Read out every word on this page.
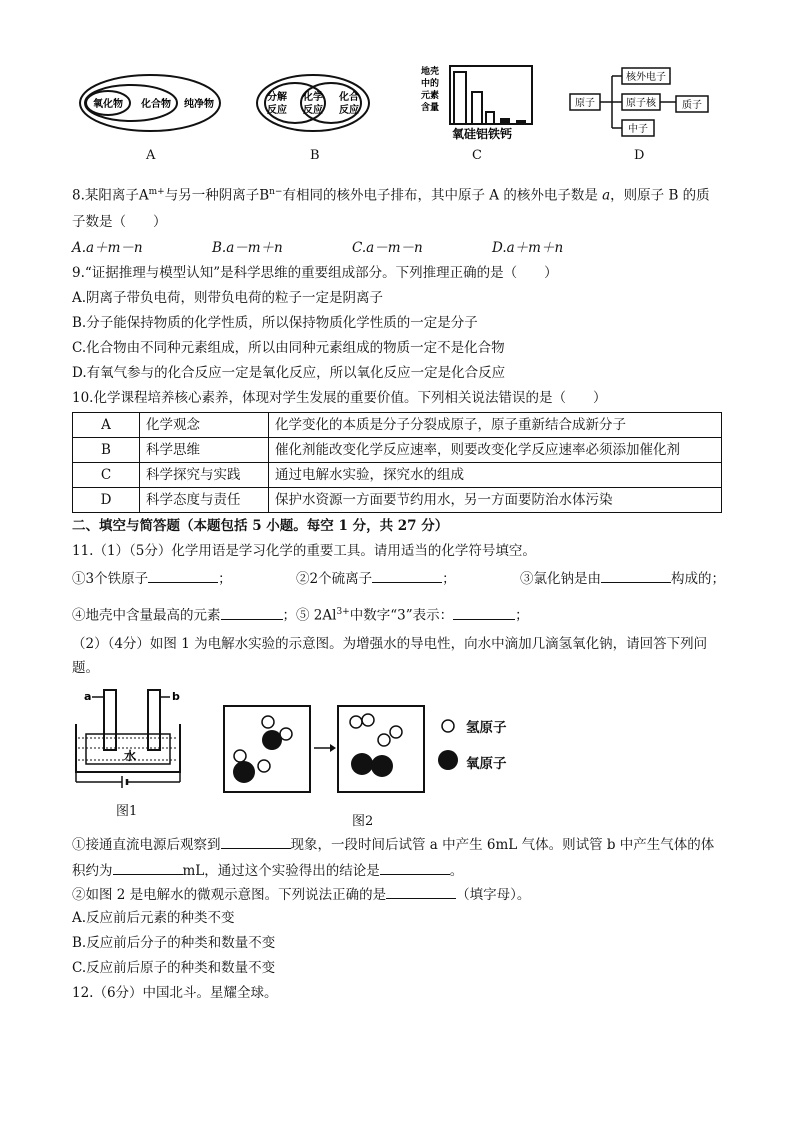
氧化物 化合物 纯净物
A
分解
反应
化学
反应
化合
反应
B
地壳
中的
元素
含量
氧硅铝铁钙
C
原子
核外电子
原子核
中子
质子
D
8.某阳离子$A^{m+}$与另一种阴离子$B^{n-}$有相同的核外电子排布，其中原子 A 的核外电子数是 a，则原子 B 的质
子数是（　　）
A.a＋m－n	B.a－m＋n	C.a－m－n	D.a＋m＋n
9.“证据推理与模型认知”是科学思维的重要组成部分。下列推理正确的是（　　）
A.阴离子带负电荷，则带负电荷的粒子一定是阴离子
B.分子能保持物质的化学性质，所以保持物质化学性质的一定是分子
C.化合物由不同种元素组成，所以由同种元素组成的物质一定不是化合物
D.有氧气参与的化合反应一定是氧化反应，所以氧化反应一定是化合反应
10.化学课程培养核心素养，体现对学生发展的重要价值。下列相关说法错误的是（　　）
A	化学观念	化学变化的本质是分子分裂成原子，原子重新结合成新分子
B	科学思维	催化剂能改变化学反应速率，则要改变化学反应速率必须添加催化剂
C	科学探究与实践	通过电解水实验，探究水的组成
D	科学态度与责任	保护水资源一方面要节约用水，另一方面要防治水体污染
二、填空与简答题（本题包括 5 小题。每空 1 分，共 27 分）
11.（1）（5分）化学用语是学习化学的重要工具。请用适当的化学符号填空。
①3个铁原子	；	②2个硫离子	；	③氯化钠是由	构成的；
④地壳中含量最高的元素	；⑤ $2Al^{3+}$中数字“3”表示：	；
（2）（4分）如图 1 为电解水实验的示意图。为增强水的导电性，向水中滴加几滴氢氧化钠，请回答下列问
题。
a	b
水
图1
图2
氢原子
氧原子
①接通直流电源后观察到	现象，一段时间后试管 a 中产生 6mL 气体。则试管 b 中产生气体的体
积约为	mL，通过这个实验得出的结论是	。
②如图 2 是电解水的微观示意图。下列说法正确的是	（填字母）。
A.反应前后元素的种类不变
B.反应前后分子的种类和数量不变
C.反应前后原子的种类和数量不变
12.（6分）中国北斗。星耀全球。
